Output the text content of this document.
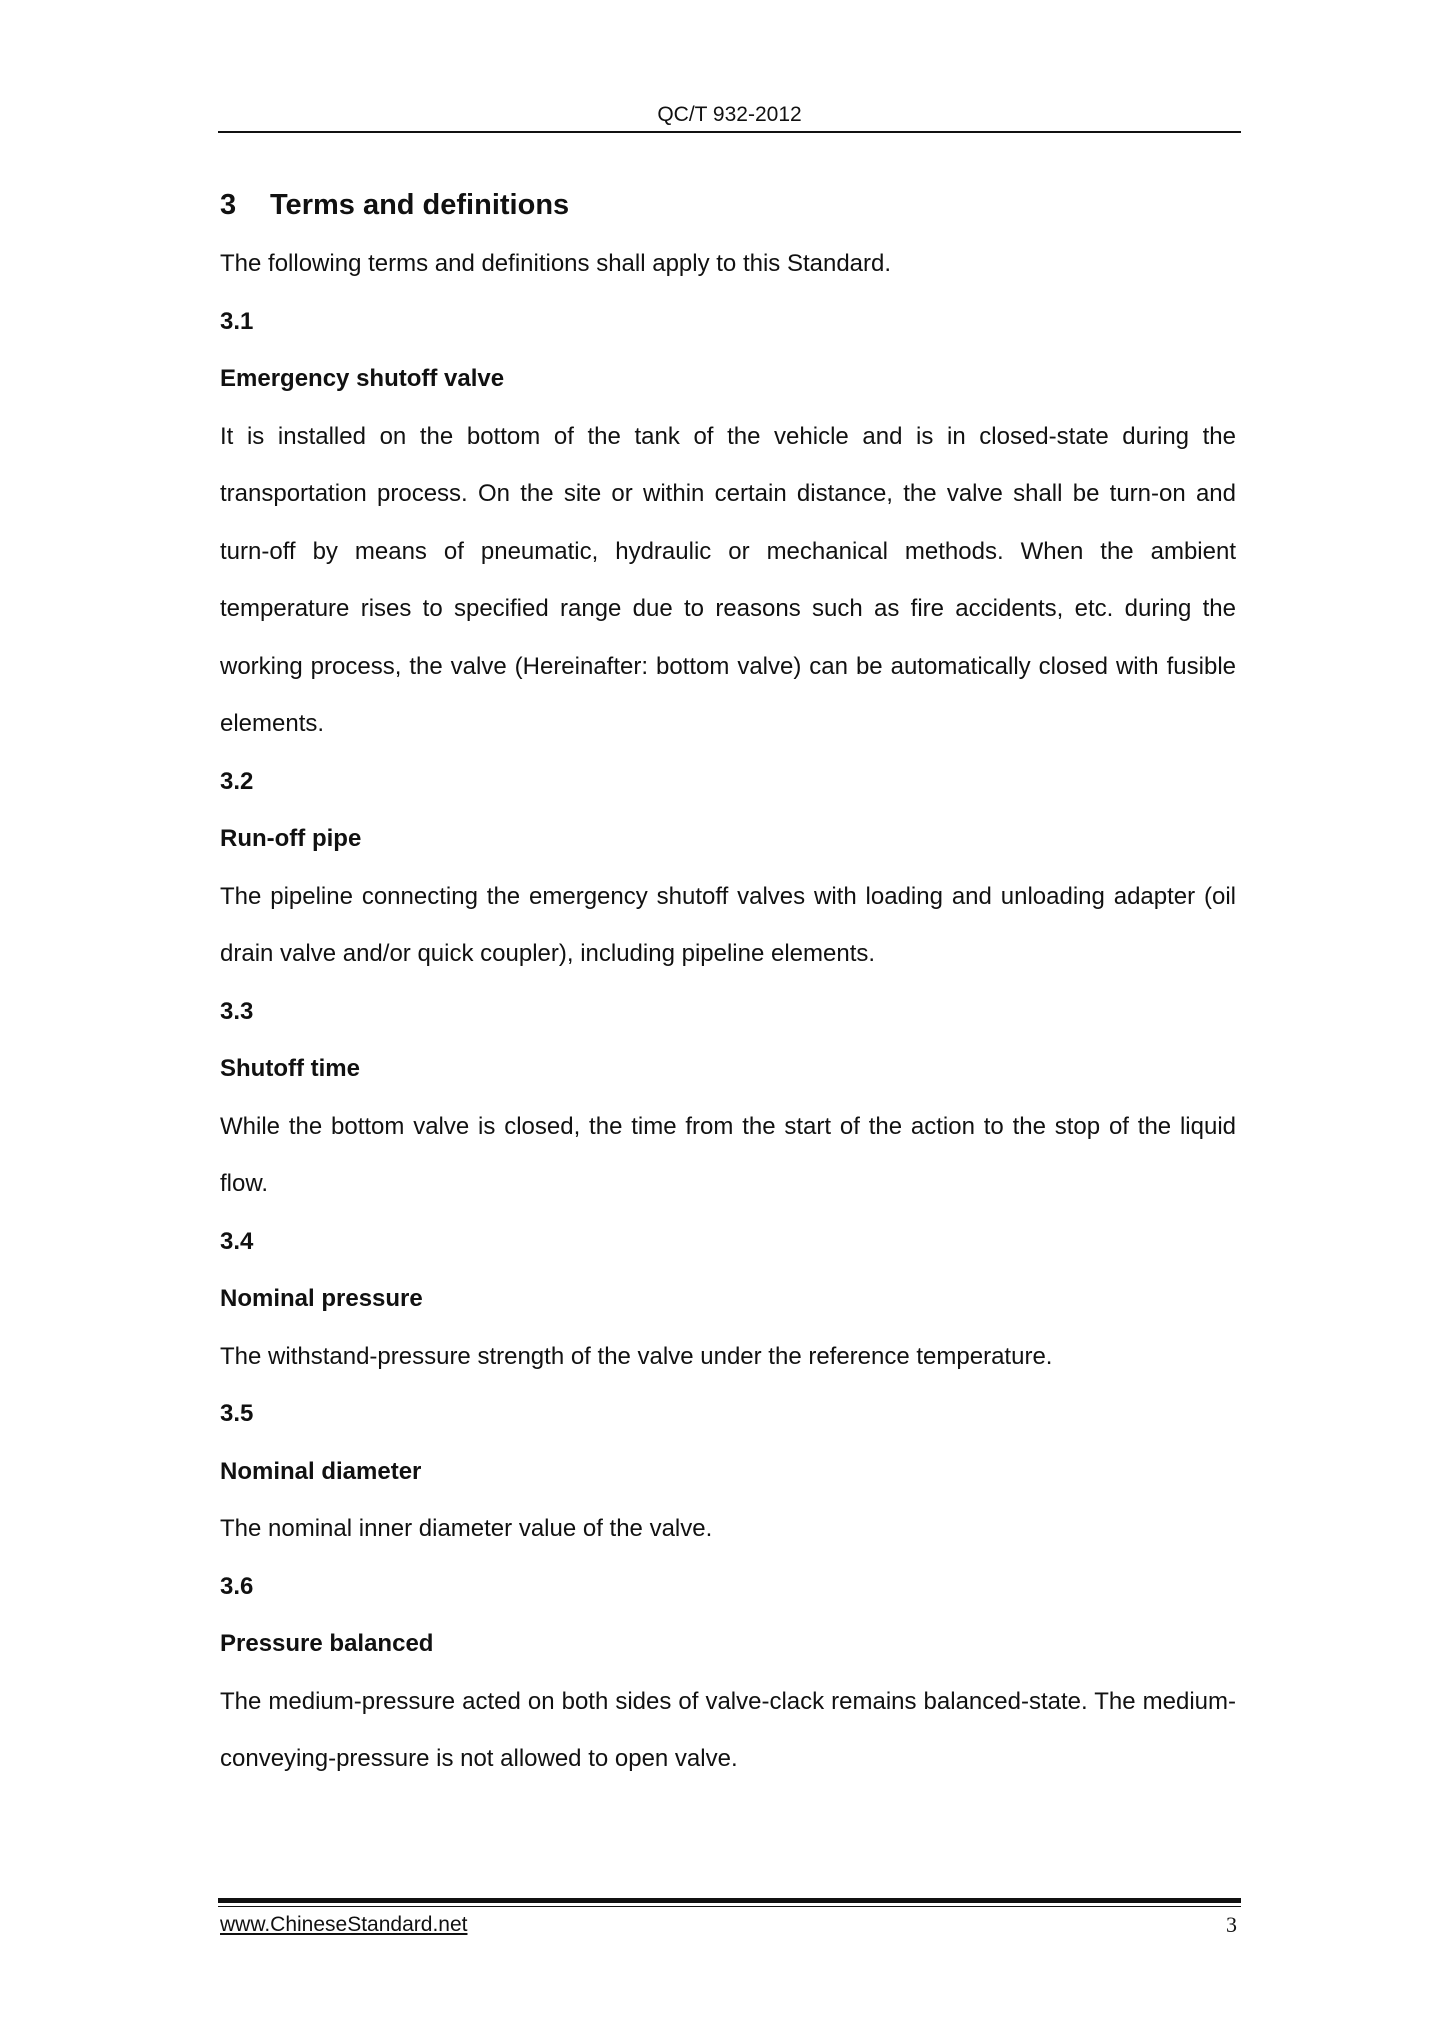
QC/T 932-2012
3 Terms and definitions

The following terms and definitions shall apply to this Standard.

3.1

Emergency shutoff valve

It is installed on the bottom of the tank of the vehicle and is in closed-state during the transportation process. On the site or within certain distance, the valve shall be turn-on and turn-off by means of pneumatic, hydraulic or mechanical methods. When the ambient temperature rises to specified range due to reasons such as fire accidents, etc. during the working process, the valve (Hereinafter: bottom valve) can be automatically closed with fusible elements.

3.2

Run-off pipe

The pipeline connecting the emergency shutoff valves with loading and unloading adapter (oil drain valve and/or quick coupler), including pipeline elements.

3.3

Shutoff time

While the bottom valve is closed, the time from the start of the action to the stop of the liquid flow.

3.4

Nominal pressure

The withstand-pressure strength of the valve under the reference temperature.

3.5

Nominal diameter

The nominal inner diameter value of the valve.

3.6

Pressure balanced

The medium-pressure acted on both sides of valve-clack remains balanced-state. The medium-conveying-pressure is not allowed to open valve.

www.ChineseStandard.net	3
